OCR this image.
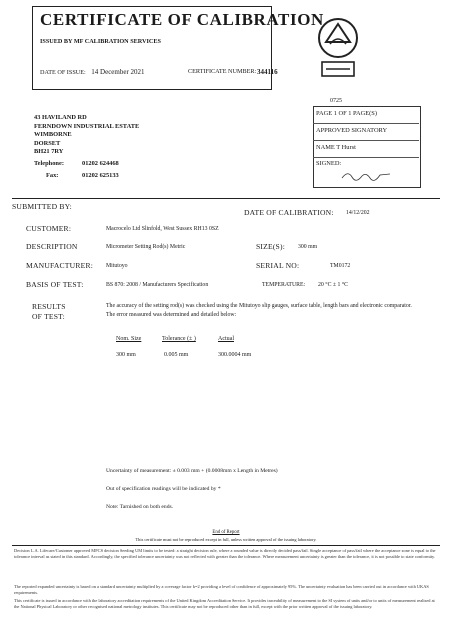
CERTIFICATE OF CALIBRATION
ISSUED BY MF CALIBRATION SERVICES
DATE OF ISSUE: 14 December 2021	CERTIFICATE NUMBER: 344116
0725
43 HAVILAND RD
FERNDOWN INDUSTRIAL ESTATE
WIMBORNE
DORSET
BH21 7RY
Telephone:	01202 624468
Fax:	01202 625133
PAGE 1 OF 1 PAGE(S)
APPROVED SIGNATORY
NAME T Hurst
SIGNED:
SUBMITTED BY:
DATE OF CALIBRATION: 14/12/202
CUSTOMER:	Macrocelo Ltd Slinfold, West Sussex RH13 0SZ
DESCRIPTION	Micrometer Setting Rod(s) Metric	SIZE(S): 300 mm
MANUFACTURER: Mitutoyo	SERIAL NO:	TM0172
BASIS OF TEST:	BS 870: 2008 / Manufacturers Specification	TEMPERATURE: 20 °C ± 1 °C
RESULTS
OF TEST:
The accuracy of the setting rod(s) was checked using the Mitutoyo slip gauges, surface table, length bars and electronic comparator. The error measured was determined and detailed below:
Nom. Size	Tolerance (± )	Actual
300 mm	0.005 mm	300.0004 mm
Uncertainty of measurement: ± 0.003 mm + (0.0008mm x Length in Metres)
Out of specification readings will be indicated by *
Note: Tarnished on both ends.
End of Report
This certificate must not be reproduced except in full, unless written approval of the issuing laboratory.
Decision L.A. Lifecare/Customer approved MFCS decision Seeding UM limits to be tested: a straight decision rule, where a rounded value is directly decided pass/fail. Single acceptance of pass/fail where the acceptance zone is equal to the tolerance interval as stated in this standard. Accordingly, the specified tolerance uncertainty was not reflected with greater than the tolerance. Where measurement uncertainty is greater than the tolerance, it is not possible to state conformity.
The reported expanded uncertainty is based on a standard uncertainty multiplied by a coverage factor k=2 providing a level of confidence of approximately 95%. The uncertainty evaluation has been carried out in accordance with UKAS requirements.
This certificate is issued in accordance with the laboratory accreditation requirements of the United Kingdom Accreditation Service. It provides traceability of measurement to the SI system of units and/or to units of measurement realised at the National Physical Laboratory or other recognised national metrology institutes. This certificate may not be reproduced other than in full, except with the prior written approval of the issuing laboratory.
